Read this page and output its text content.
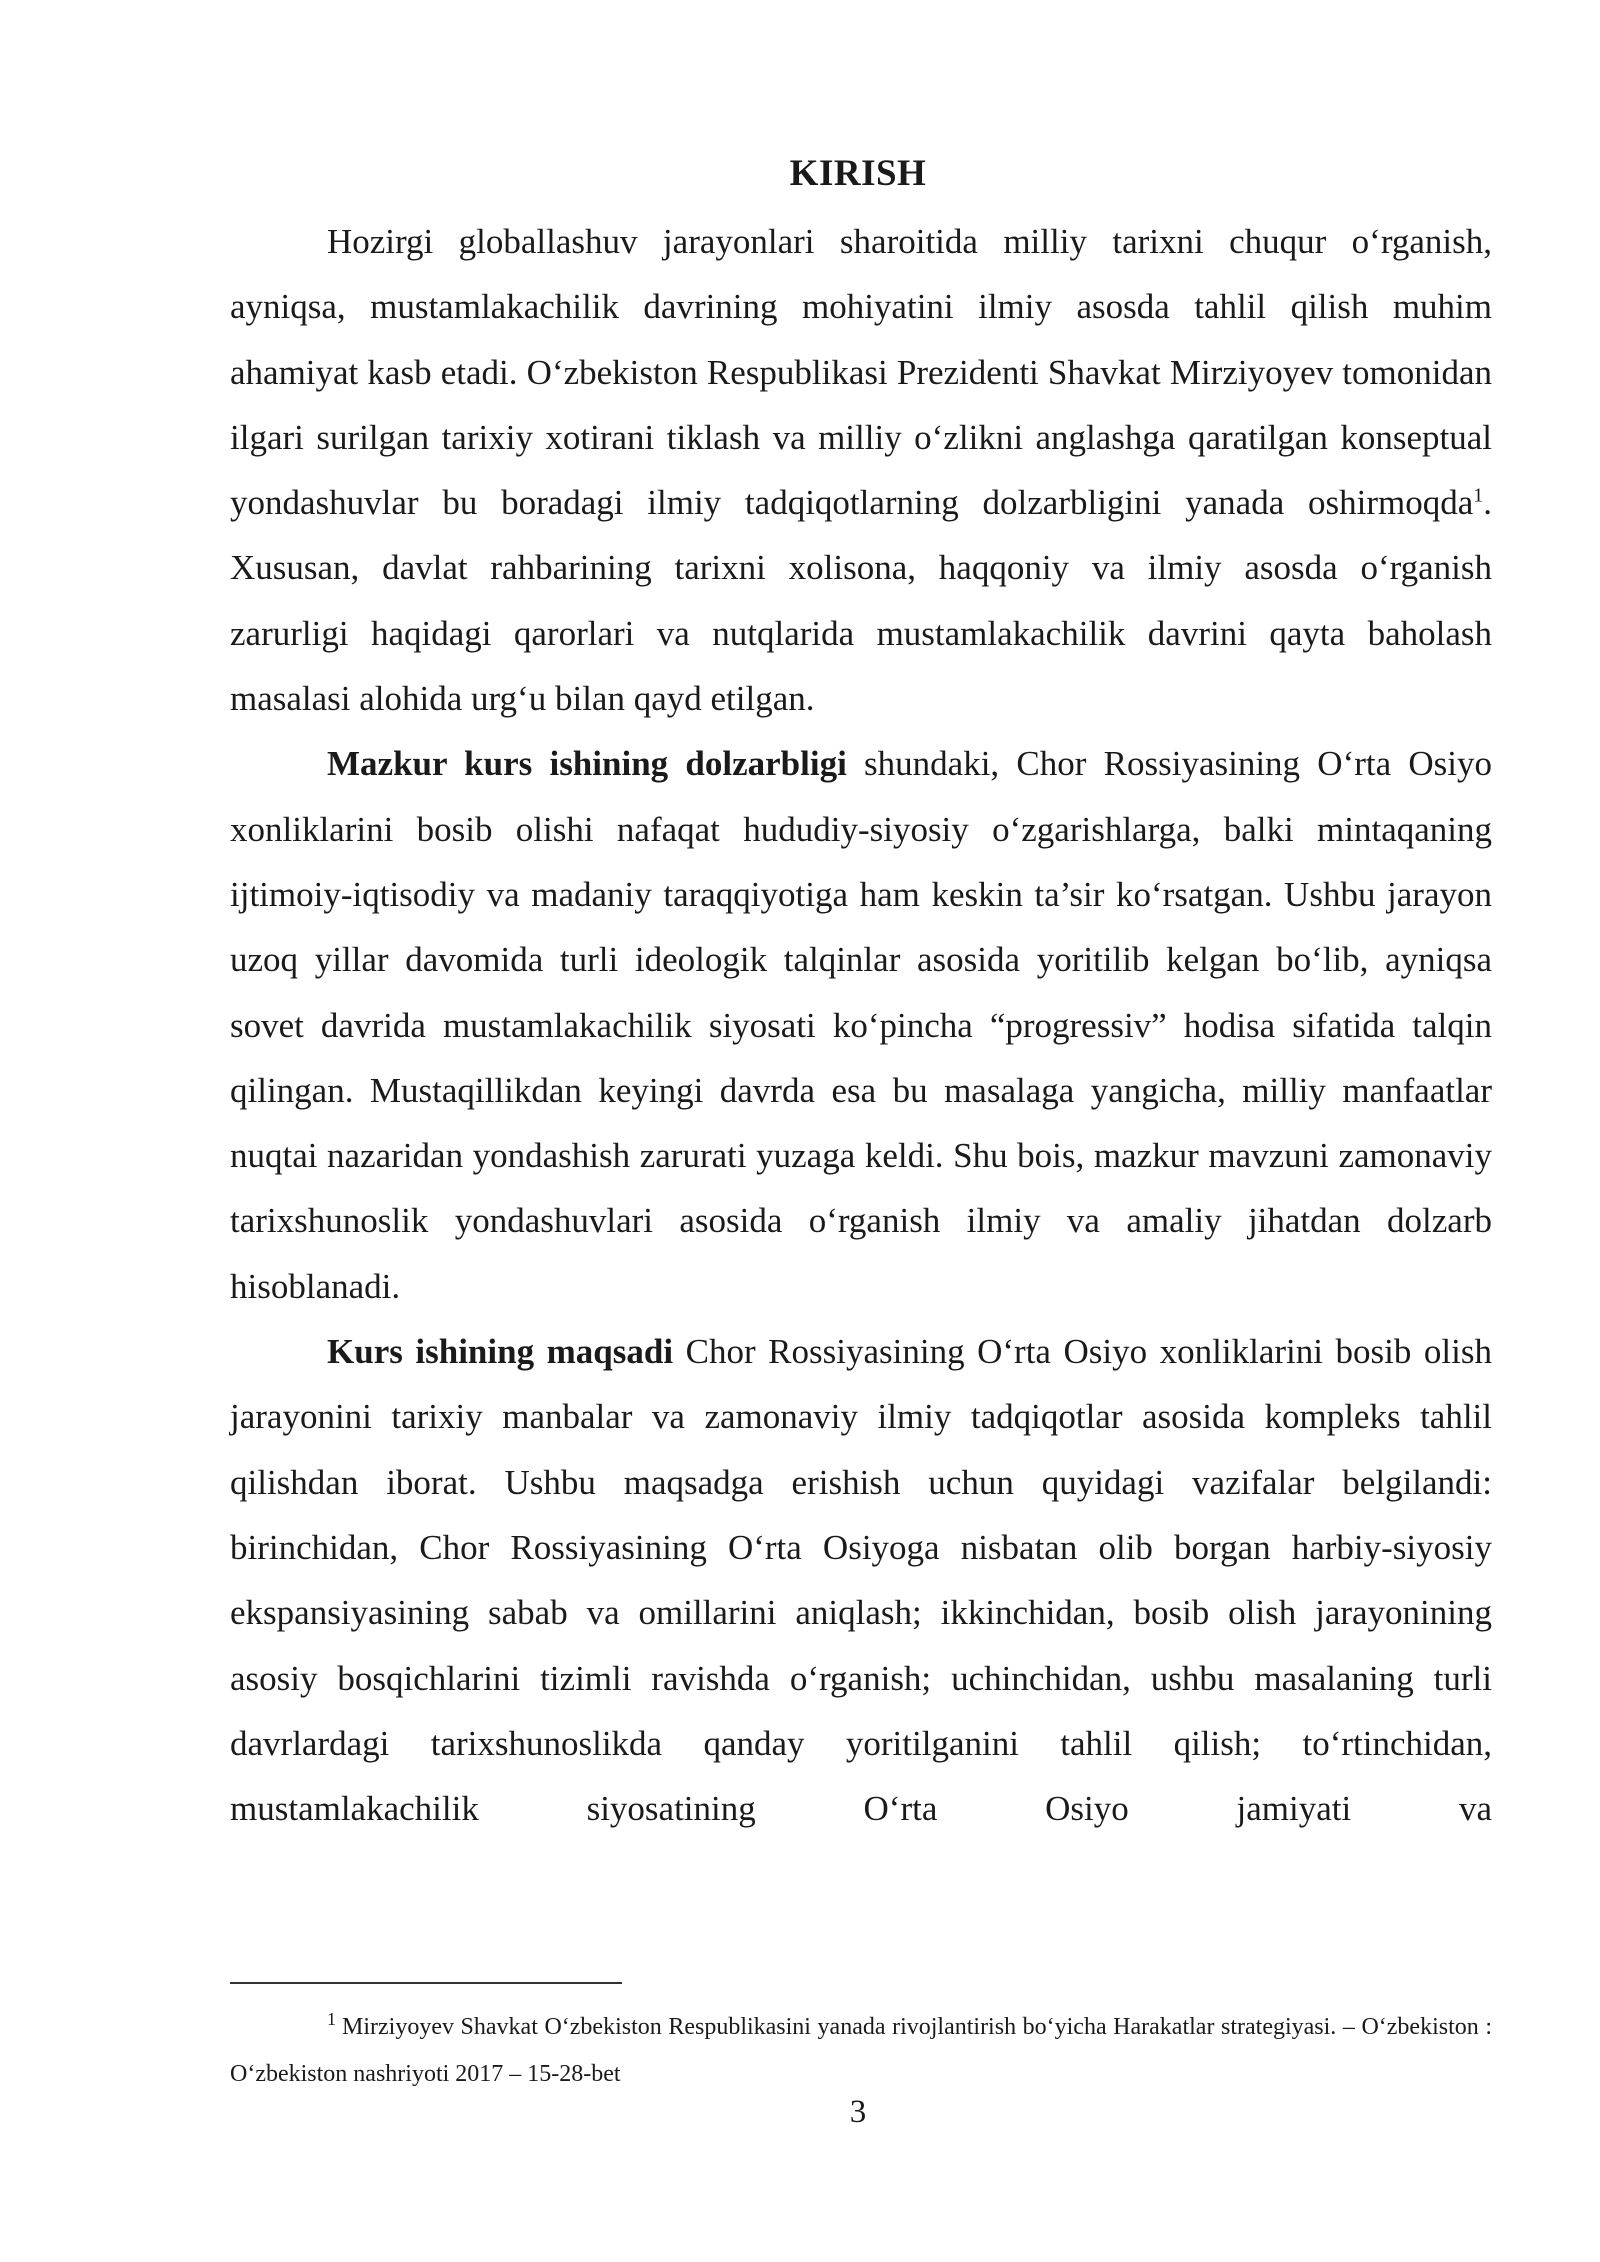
KIRISH

Hozirgi globallashuv jarayonlari sharoitida milliy tarixni chuqur o‘rganish, ayniqsa, mustamlakachilik davrining mohiyatini ilmiy asosda tahlil qilish muhim ahamiyat kasb etadi. O‘zbekiston Respublikasi Prezidenti Shavkat Mirziyoyev tomonidan ilgari surilgan tarixiy xotirani tiklash va milliy o‘zlikni anglashga qaratilgan konseptual yondashuvlar bu boradagi ilmiy tadqiqotlarning dolzarbligini yanada oshirmoqda$^1$. Xususan, davlat rahbarining tarixni xolisona, haqqoniy va ilmiy asosda o‘rganish zarurligi haqidagi qarorlari va nutqlarida mustamlakachilik davrini qayta baholash masalasi alohida urg‘u bilan qayd etilgan.

Mazkur kurs ishining dolzarbligi shundaki, Chor Rossiyasining O‘rta Osiyo xonliklarini bosib olishi nafaqat hududiy-siyosiy o‘zgarishlarga, balki mintaqaning ijtimoiy-iqtisodiy va madaniy taraqqiyotiga ham keskin ta’sir ko‘rsatgan. Ushbu jarayon uzoq yillar davomida turli ideologik talqinlar asosida yoritilib kelgan bo‘lib, ayniqsa sovet davrida mustamlakachilik siyosati ko‘pincha “progressiv” hodisa sifatida talqin qilingan. Mustaqillikdan keyingi davrda esa bu masalaga yangicha, milliy manfaatlar nuqtai nazaridan yondashish zarurati yuzaga keldi. Shu bois, mazkur mavzuni zamonaviy tarixshunoslik yondashuvlari asosida o‘rganish ilmiy va amaliy jihatdan dolzarb hisoblanadi.

Kurs ishining maqsadi Chor Rossiyasining O‘rta Osiyo xonliklarini bosib olish jarayonini tarixiy manbalar va zamonaviy ilmiy tadqiqotlar asosida kompleks tahlil qilishdan iborat. Ushbu maqsadga erishish uchun quyidagi vazifalar belgilandi: birinchidan, Chor Rossiyasining O‘rta Osiyoga nisbatan olib borgan harbiy-siyosiy ekspansiyasining sabab va omillarini aniqlash; ikkinchidan, bosib olish jarayonining asosiy bosqichlarini tizimli ravishda o‘rganish; uchinchidan, ushbu masalaning turli davrlardagi tarixshunoslikda qanday yoritilganini tahlil qilish; to‘rtinchidan, mustamlakachilik siyosatining O‘rta Osiyo jamiyati va

$^1$ Mirziyoyev Shavkat O‘zbekiston Respublikasini yanada rivojlantirish bo‘yicha Harakatlar strategiyasi. – O‘zbekiston : O‘zbekiston nashriyoti 2017 – 15-28-bet

3
